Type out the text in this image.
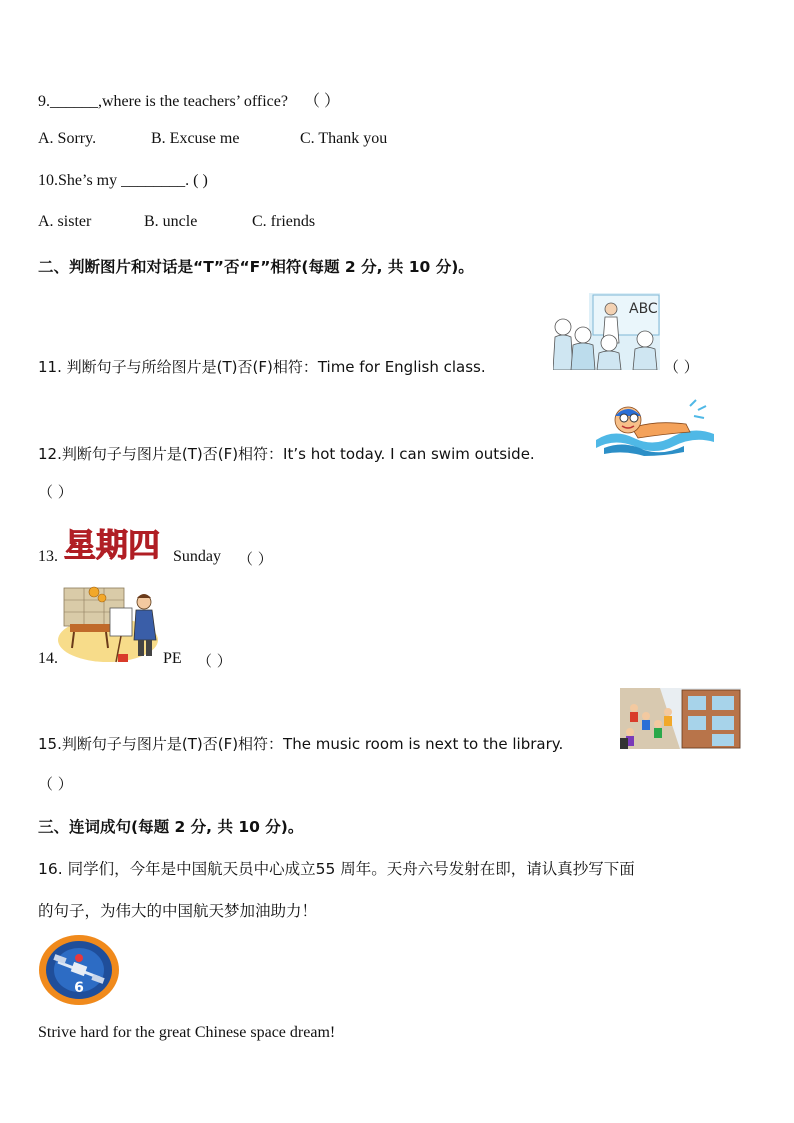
9.______,where is the teachers’ office? （ ）
A. Sorry.	B. Excuse me	C. Thank you
10.She’s my ________. ( )
A. sister	B. uncle	C. friends
二、判断图片和对话是“T”否“F”相符(每题 2 分, 共 10 分)。
ABC
11. 判断句子与所给图片是(T)否(F)相符：Time for English class.	（ ）
12.判断句子与图片是(T)否(F)相符：It’s hot today. I can swim outside.
（ ）
星期四
13.	Sunday （ ）
14.	PE （ ）
15.判断句子与图片是(T)否(F)相符：The music room is next to the library.
（ ）
三、连词成句(每题 2 分, 共 10 分)。
16. 同学们，今年是中国航天员中心成立55 周年。天舟六号发射在即，请认真抄写下面
的句子，为伟大的中国航天梦加油助力！
6
Strive hard for the great Chinese space dream!
